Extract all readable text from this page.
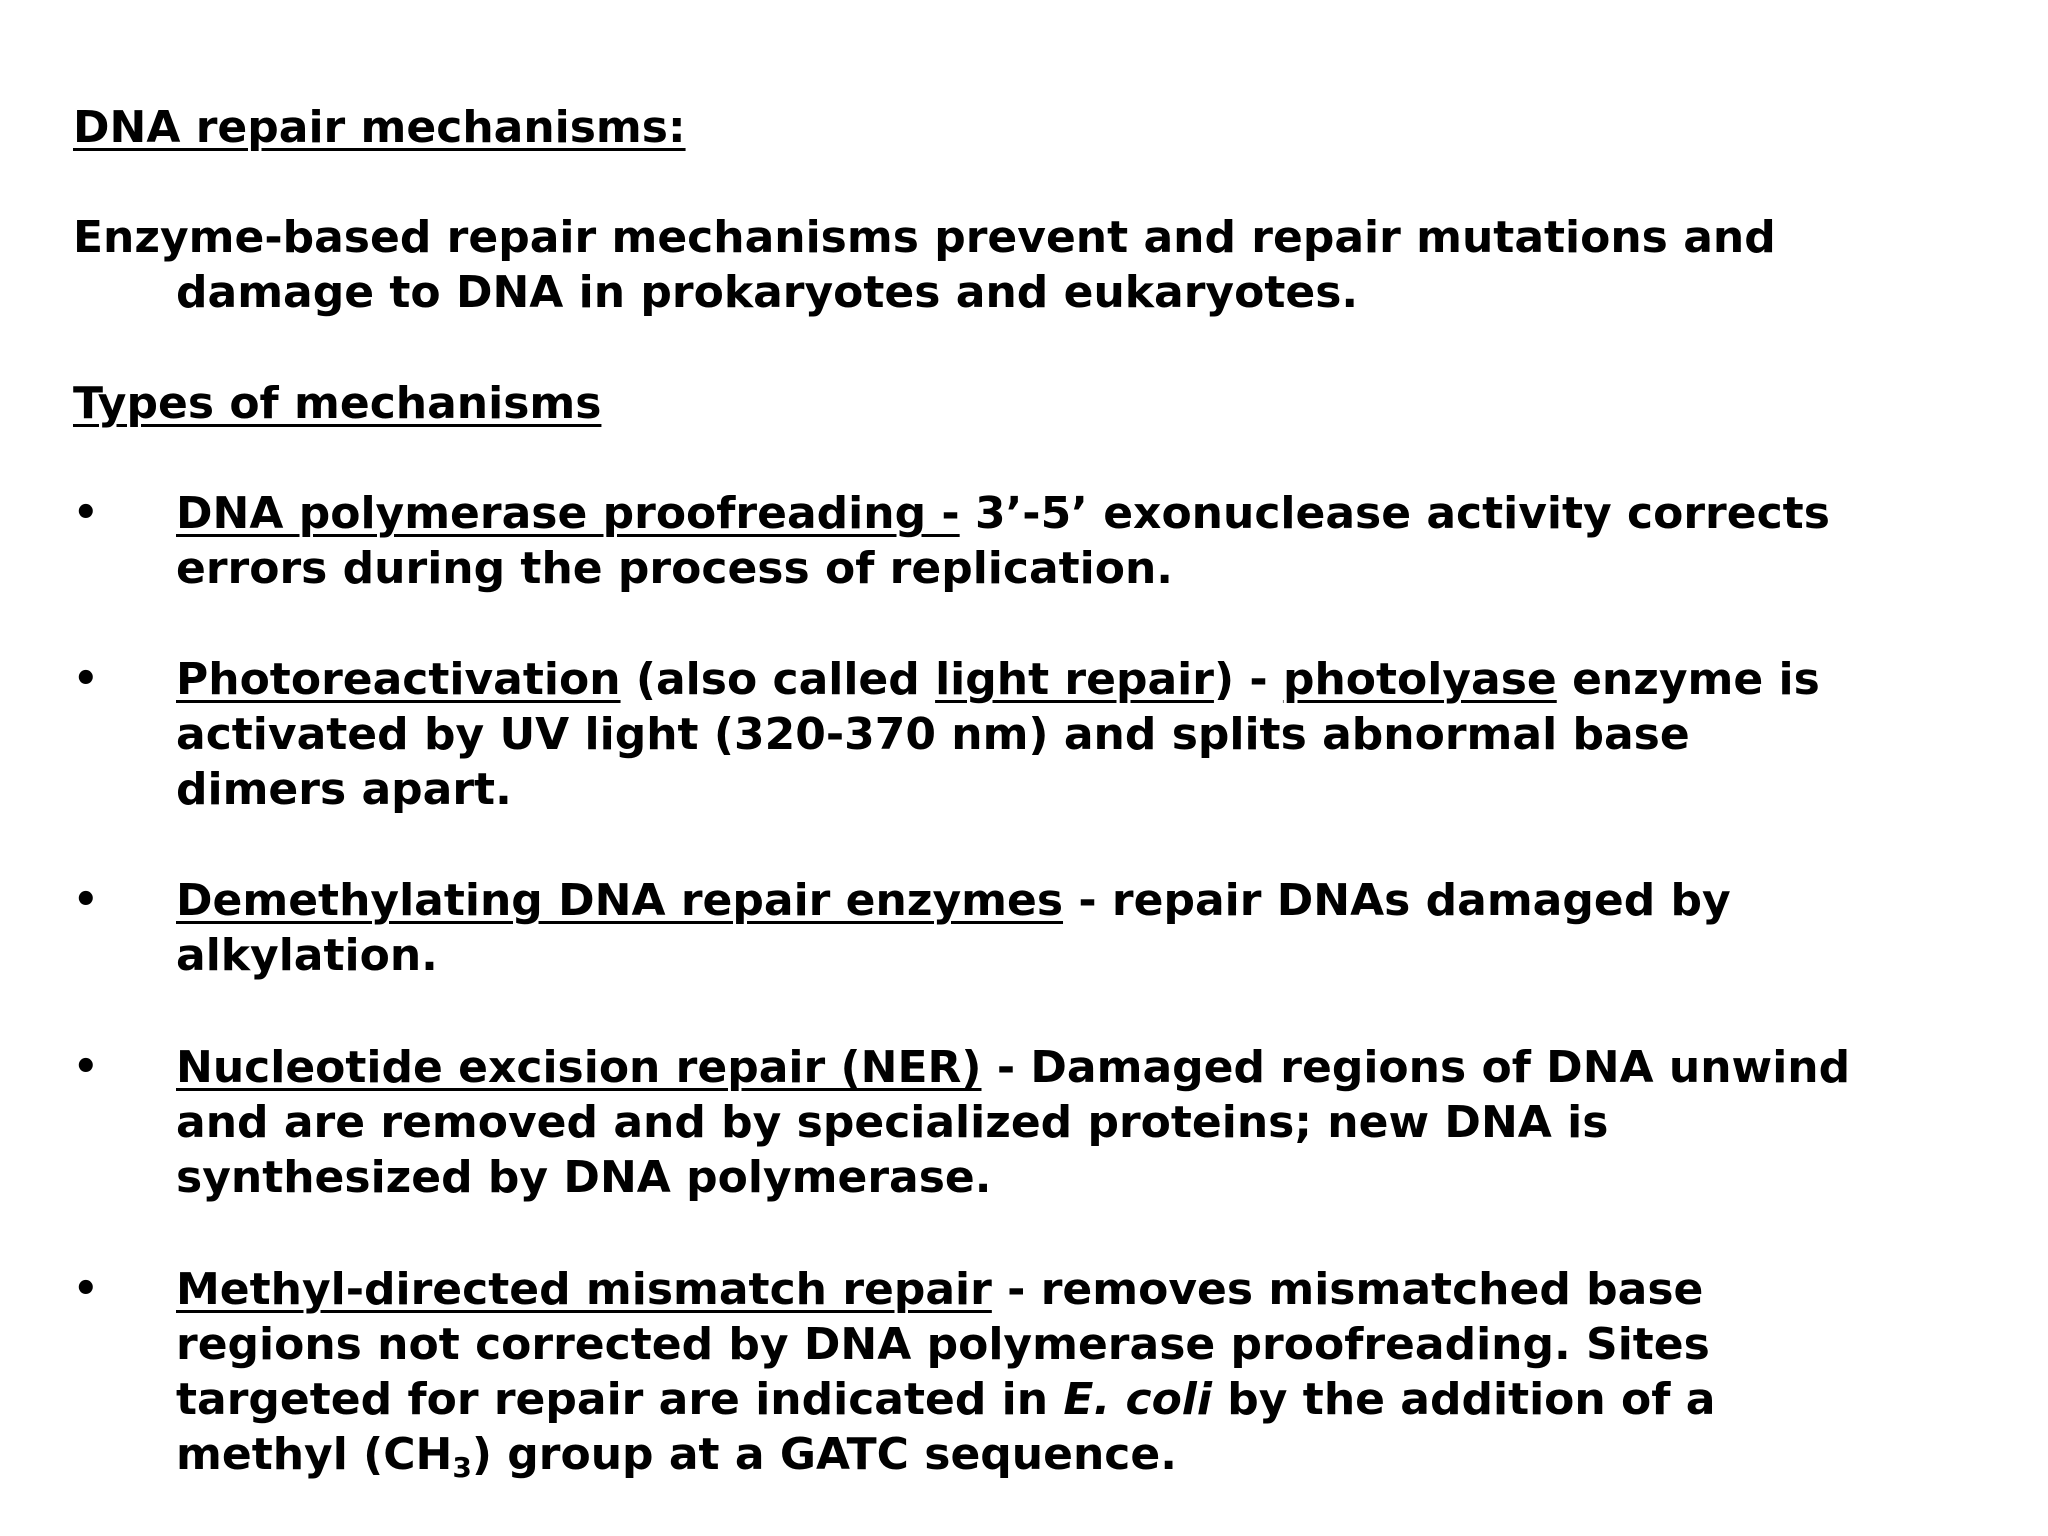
DNA repair mechanisms:
Enzyme-based repair mechanisms prevent and repair mutations and
damage to DNA in prokaryotes and eukaryotes.
Types of mechanisms
• DNA polymerase proofreading - 3’-5’ exonuclease activity corrects
errors during the process of replication.
• Photoreactivation (also called light repair) - photolyase enzyme is
activated by UV light (320-370 nm) and splits abnormal base
dimers apart.
• Demethylating DNA repair enzymes - repair DNAs damaged by
alkylation.
• Nucleotide excision repair (NER) - Damaged regions of DNA unwind
and are removed and by specialized proteins; new DNA is
synthesized by DNA polymerase.
• Methyl-directed mismatch repair - removes mismatched base
regions not corrected by DNA polymerase proofreading. Sites
targeted for repair are indicated in E. coli by the addition of a
methyl $(CH_3)$ group at a GATC sequence.
